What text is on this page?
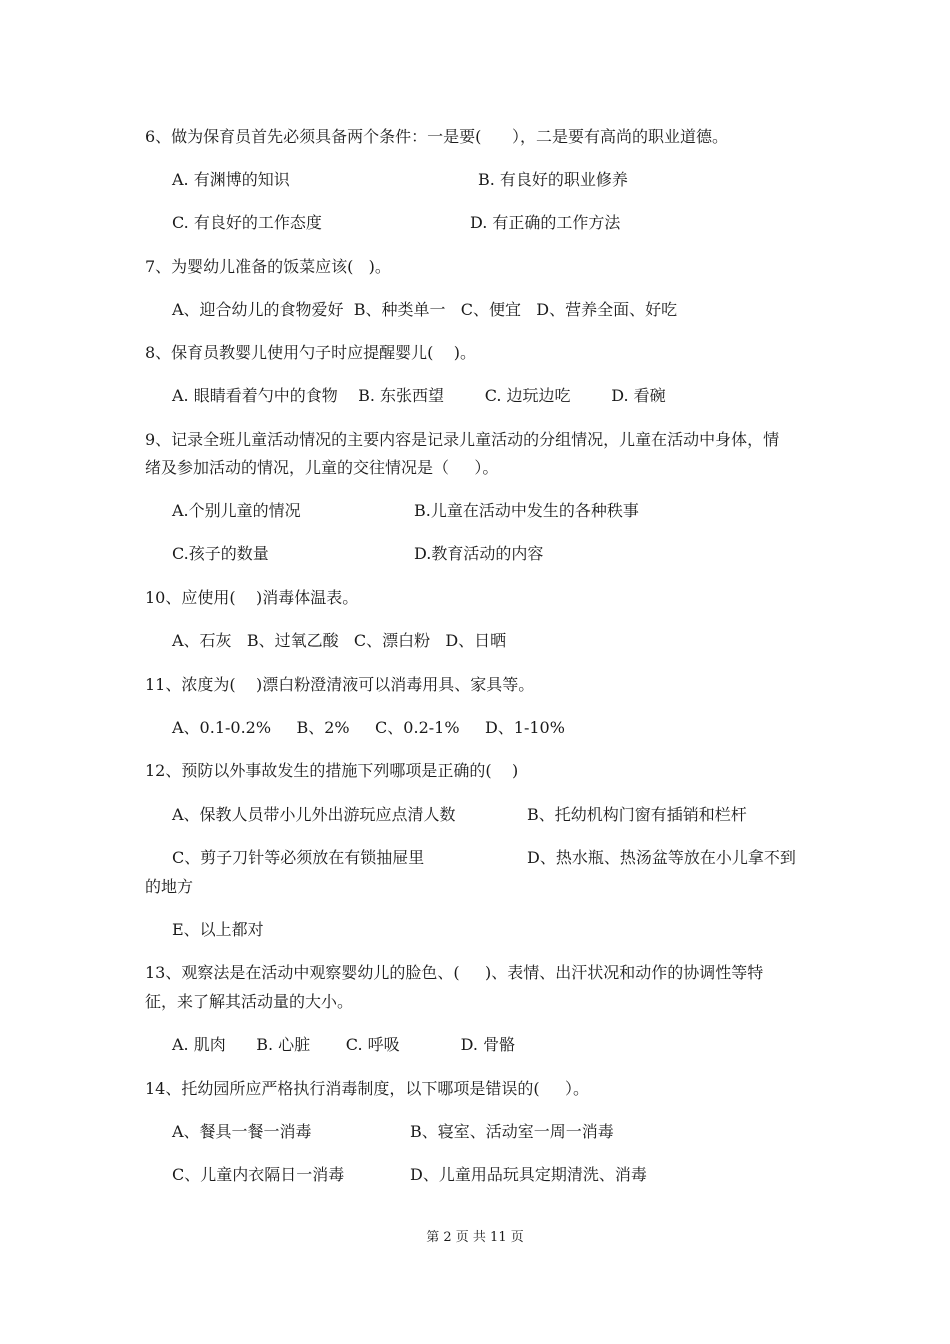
6、做为保育员首先必须具备两个条件：一是要(      ），二是要有高尚的职业道德。
A. 有渊博的知识	B. 有良好的职业修养
C. 有良好的工作态度	D. 有正确的工作方法
7、为婴幼儿准备的饭菜应该(   )。
A、迎合幼儿的食物爱好  B、种类单一   C、便宜   D、营养全面、好吃
8、保育员教婴儿使用勺子时应提醒婴儿(    )。
A. 眼睛看着勺中的食物    B. 东张西望        C. 边玩边吃        D. 看碗
9、记录全班儿童活动情况的主要内容是记录儿童活动的分组情况，儿童在活动中身体，情
绪及参加活动的情况，儿童的交往情况是（     ）。
A.个别儿童的情况	B.儿童在活动中发生的各种秩事
C.孩子的数量	D.教育活动的内容
10、应使用(    )消毒体温表。
A、石灰   B、过氧乙酸   C、漂白粉   D、日晒
11、浓度为(    )漂白粉澄清液可以消毒用具、家具等。
A、0.1-0.2%     B、2%     C、0.2-1%     D、1-10%
12、预防以外事故发生的措施下列哪项是正确的(    )
A、保教人员带小儿外出游玩应点清人数	B、托幼机构门窗有插销和栏杆
C、剪子刀针等必须放在有锁抽屉里	D、热水瓶、热汤盆等放在小儿拿不到
的地方
E、以上都对
13、观察法是在活动中观察婴幼儿的脸色、(     )、表情、出汗状况和动作的协调性等特
征，来了解其活动量的大小。
A. 肌肉      B. 心脏       C. 呼吸            D. 骨骼
14、托幼园所应严格执行消毒制度，以下哪项是错误的(     ）。
A、餐具一餐一消毒	B、寝室、活动室一周一消毒
C、儿童内衣隔日一消毒	D、儿童用品玩具定期清洗、消毒
第 2 页 共 11 页
